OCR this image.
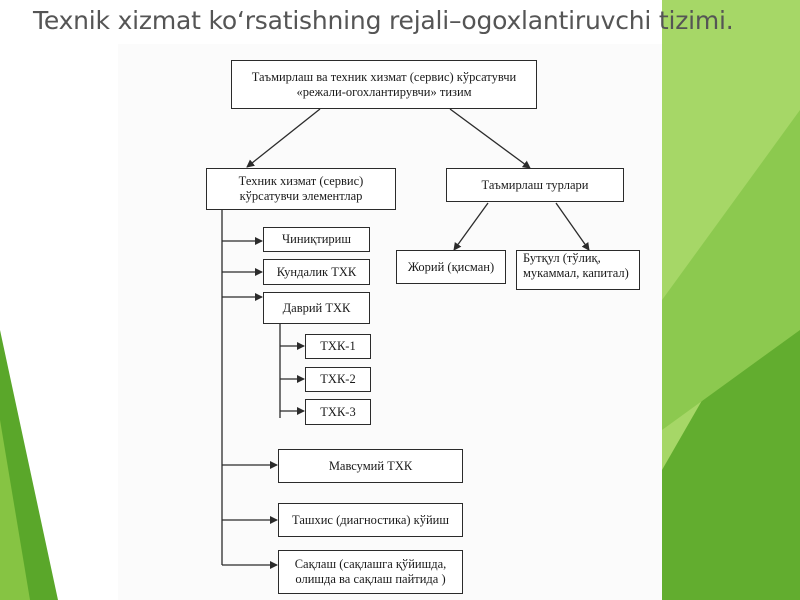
Texnik xizmat koʻrsatishning rejali–ogoxlantiruvchi tizimi.
Таъмирлаш ва техник хизмат (сервис) кўрсатувчи
«режали-огохлантирувчи» тизим
Техник хизмат (сервис)
кўрсатувчи элементлар
Таъмирлаш турлари
Жорий (қисман)
Бутқул (тўлиқ,
мукаммал, капитал)
Чиниқтириш
Кундалик ТХК
Даврий ТХК
ТХК-1
ТХК-2
ТХК-3
Мавсумий ТХК
Ташхис (диагностика) кўйиш
Сақлаш (сақлашга қўйишда,
олишда ва сақлаш пайтида )
